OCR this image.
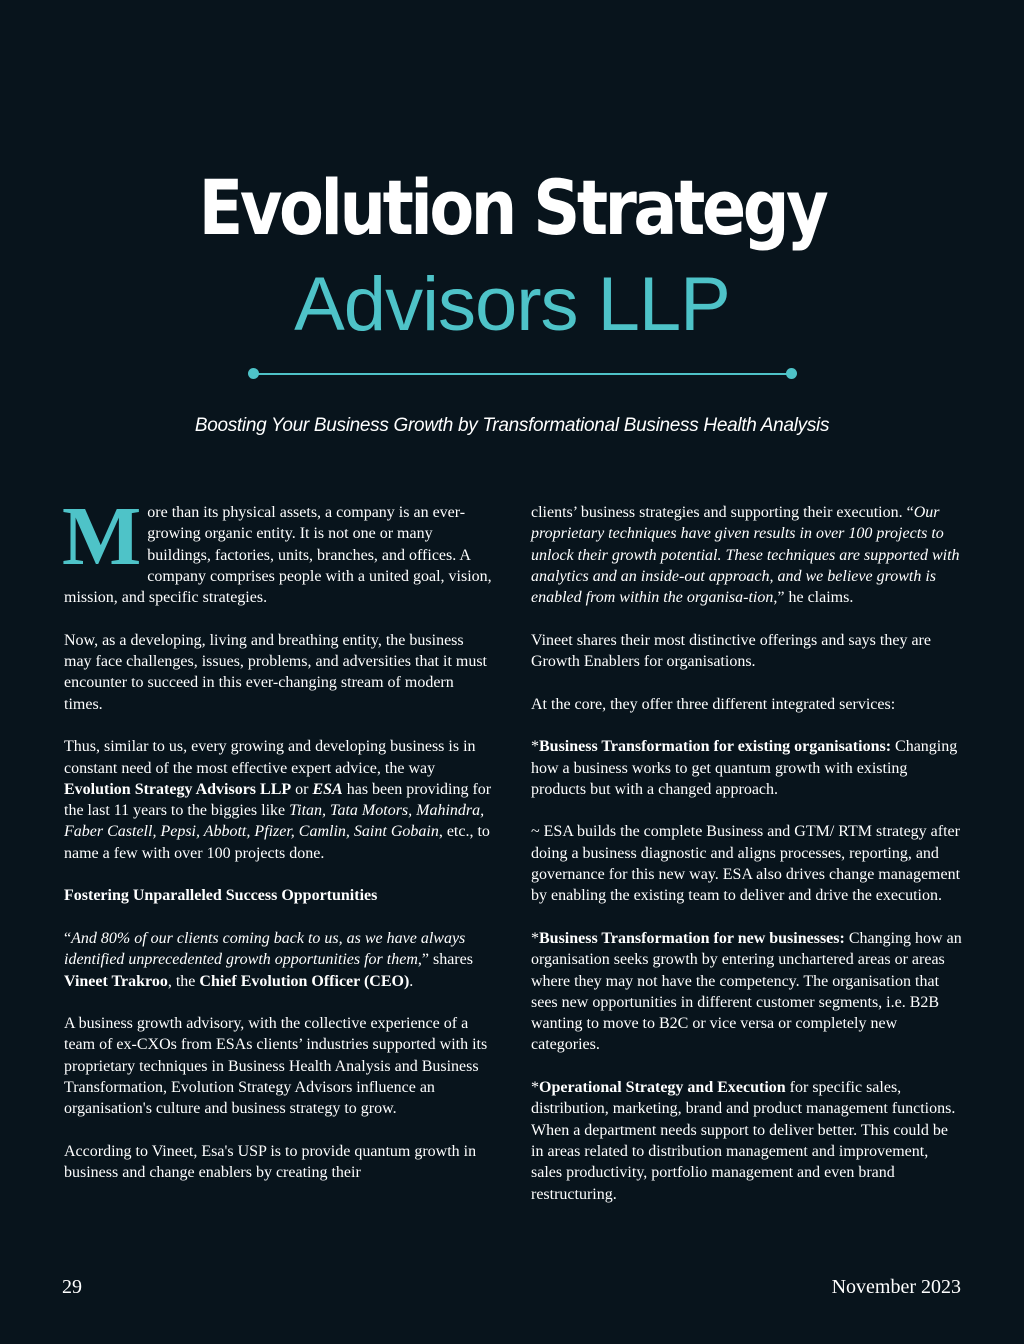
Evolution Strategy
Advisors LLP
Boosting Your Business Growth by Transformational Business Health Analysis

More than its physical assets, a company is an ever-growing organic entity. It is not one or many buildings, factories, units, branches, and offices. A company comprises people with a united goal, vision, mission, and specific strategies.

Now, as a developing, living and breathing entity, the business may face challenges, issues, problems, and adversities that it must encounter to succeed in this ever-changing stream of modern times.

Thus, similar to us, every growing and developing business is in constant need of the most effective expert advice, the way Evolution Strategy Advisors LLP or ESA has been providing for the last 11 years to the biggies like Titan, Tata Motors, Mahindra, Faber Castell, Pepsi, Abbott, Pfizer, Camlin, Saint Gobain, etc., to name a few with over 100 projects done.

Fostering Unparalleled Success Opportunities

“And 80% of our clients coming back to us, as we have always identified unprecedented growth opportunities for them,” shares Vineet Trakroo, the Chief Evolution Officer (CEO).

A business growth advisory, with the collective experience of a team of ex-CXOs from ESAs clients’ industries supported with its proprietary techniques in Business Health Analysis and Business Transformation, Evolution Strategy Advisors influence an organisation's culture and business strategy to grow.

According to Vineet, Esa's USP is to provide quantum growth in business and change enablers by creating their

clients’ business strategies and supporting their execution. “Our proprietary techniques have given results in over 100 projects to unlock their growth potential. These techniques are supported with analytics and an inside-out approach, and we believe growth is enabled from within the organisa-tion,” he claims.

Vineet shares their most distinctive offerings and says they are Growth Enablers for organisations.

At the core, they offer three different integrated services:

*Business Transformation for existing organisations: Changing how a business works to get quantum growth with existing products but with a changed approach.

~ ESA builds the complete Business and GTM/ RTM strategy after doing a business diagnostic and aligns processes, reporting, and governance for this new way. ESA also drives change management by enabling the existing team to deliver and drive the execution.

*Business Transformation for new businesses: Changing how an organisation seeks growth by entering unchartered areas or areas where they may not have the competency. The organisation that sees new opportunities in different customer segments, i.e. B2B wanting to move to B2C or vice versa or completely new categories.

*Operational Strategy and Execution for specific sales, distribution, marketing, brand and product management functions. When a department needs support to deliver better. This could be in areas related to distribution management and improvement, sales productivity, portfolio management and even brand restructuring.

29	November 2023
